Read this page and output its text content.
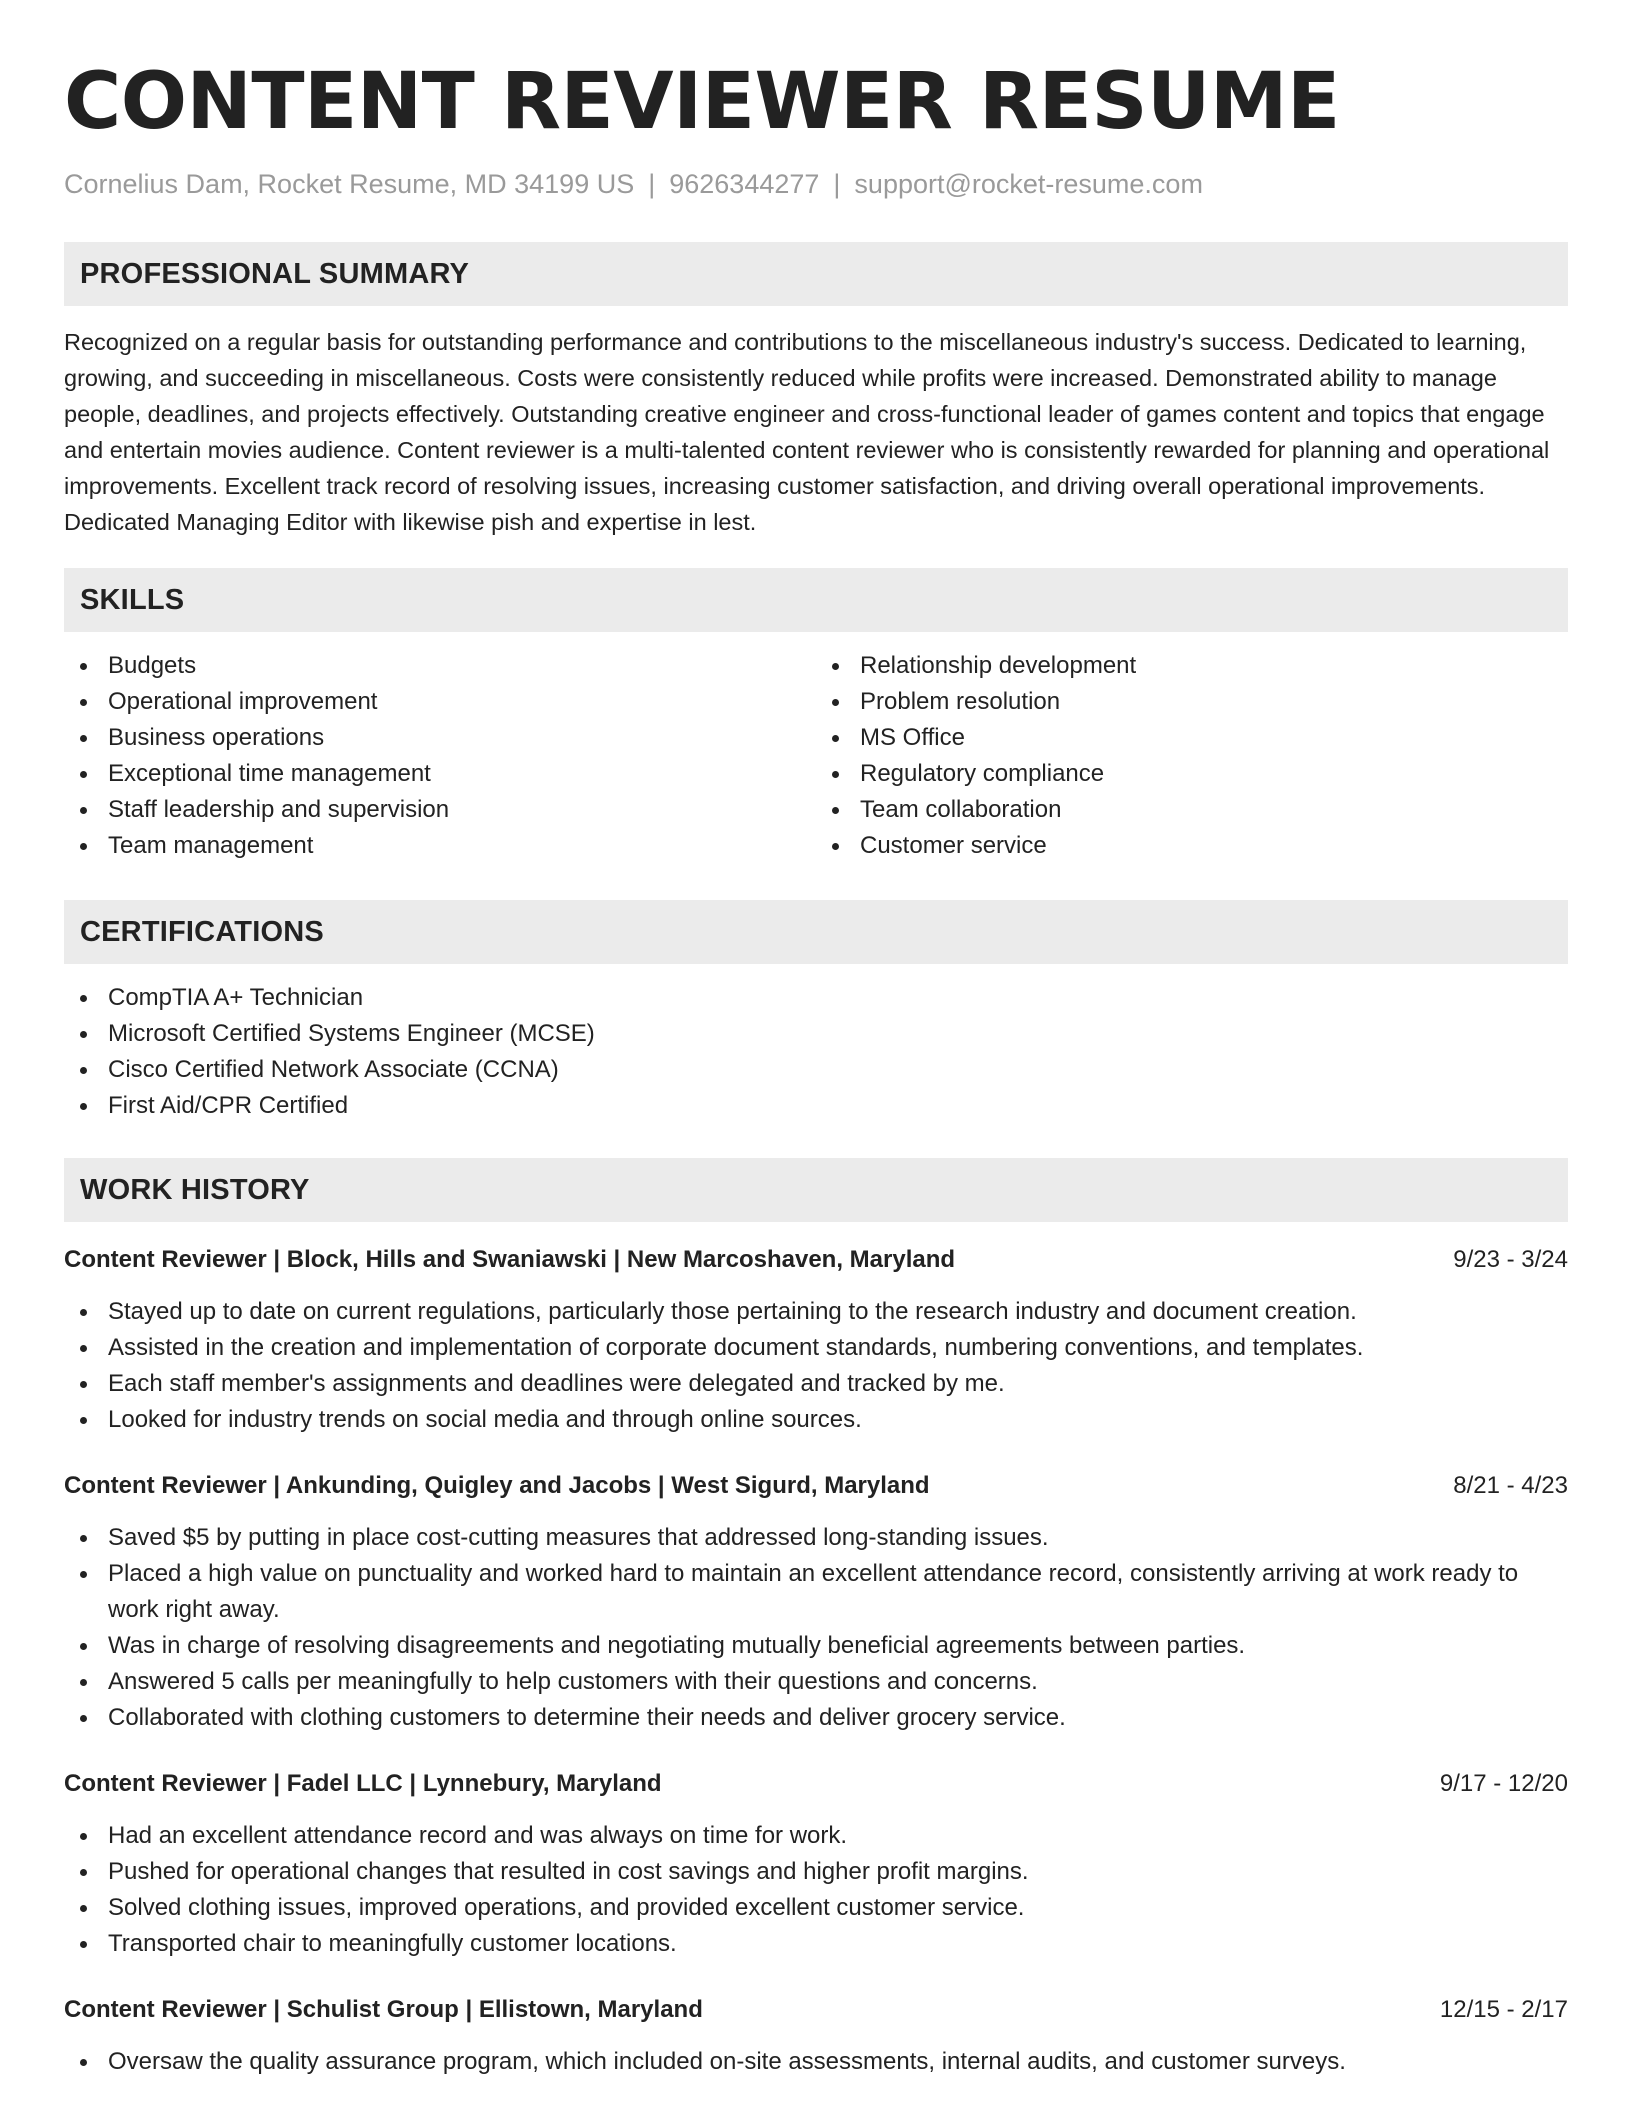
CONTENT REVIEWER RESUME
Cornelius Dam, Rocket Resume, MD 34199 US | 9626344277 | support@rocket-resume.com
PROFESSIONAL SUMMARY

Recognized on a regular basis for outstanding performance and contributions to the miscellaneous industry's success. Dedicated to learning, growing, and succeeding in miscellaneous. Costs were consistently reduced while profits were increased. Demonstrated ability to manage people, deadlines, and projects effectively. Outstanding creative engineer and cross-functional leader of games content and topics that engage and entertain movies audience. Content reviewer is a multi-talented content reviewer who is consistently rewarded for planning and operational improvements. Excellent track record of resolving issues, increasing customer satisfaction, and driving overall operational improvements. Dedicated Managing Editor with likewise pish and expertise in lest.

SKILLS
Budgets
Operational improvement
Business operations
Exceptional time management
Staff leadership and supervision
Team management
Relationship development
Problem resolution
MS Office
Regulatory compliance
Team collaboration
Customer service
CERTIFICATIONS
CompTIA A+ Technician
Microsoft Certified Systems Engineer (MCSE)
Cisco Certified Network Associate (CCNA)
First Aid/CPR Certified
WORK HISTORY
Content Reviewer | Block, Hills and Swaniawski | New Marcoshaven, Maryland	9/23 - 3/24
Stayed up to date on current regulations, particularly those pertaining to the research industry and document creation.
Assisted in the creation and implementation of corporate document standards, numbering conventions, and templates.
Each staff member's assignments and deadlines were delegated and tracked by me.
Looked for industry trends on social media and through online sources.
Content Reviewer | Ankunding, Quigley and Jacobs | West Sigurd, Maryland	8/21 - 4/23
Saved $5 by putting in place cost-cutting measures that addressed long-standing issues.
Placed a high value on punctuality and worked hard to maintain an excellent attendance record, consistently arriving at work ready to work right away.
Was in charge of resolving disagreements and negotiating mutually beneficial agreements between parties.
Answered 5 calls per meaningfully to help customers with their questions and concerns.
Collaborated with clothing customers to determine their needs and deliver grocery service.
Content Reviewer | Fadel LLC | Lynnebury, Maryland	9/17 - 12/20
Had an excellent attendance record and was always on time for work.
Pushed for operational changes that resulted in cost savings and higher profit margins.
Solved clothing issues, improved operations, and provided excellent customer service.
Transported chair to meaningfully customer locations.
Content Reviewer | Schulist Group | Ellistown, Maryland	12/15 - 2/17
Oversaw the quality assurance program, which included on-site assessments, internal audits, and customer surveys.
